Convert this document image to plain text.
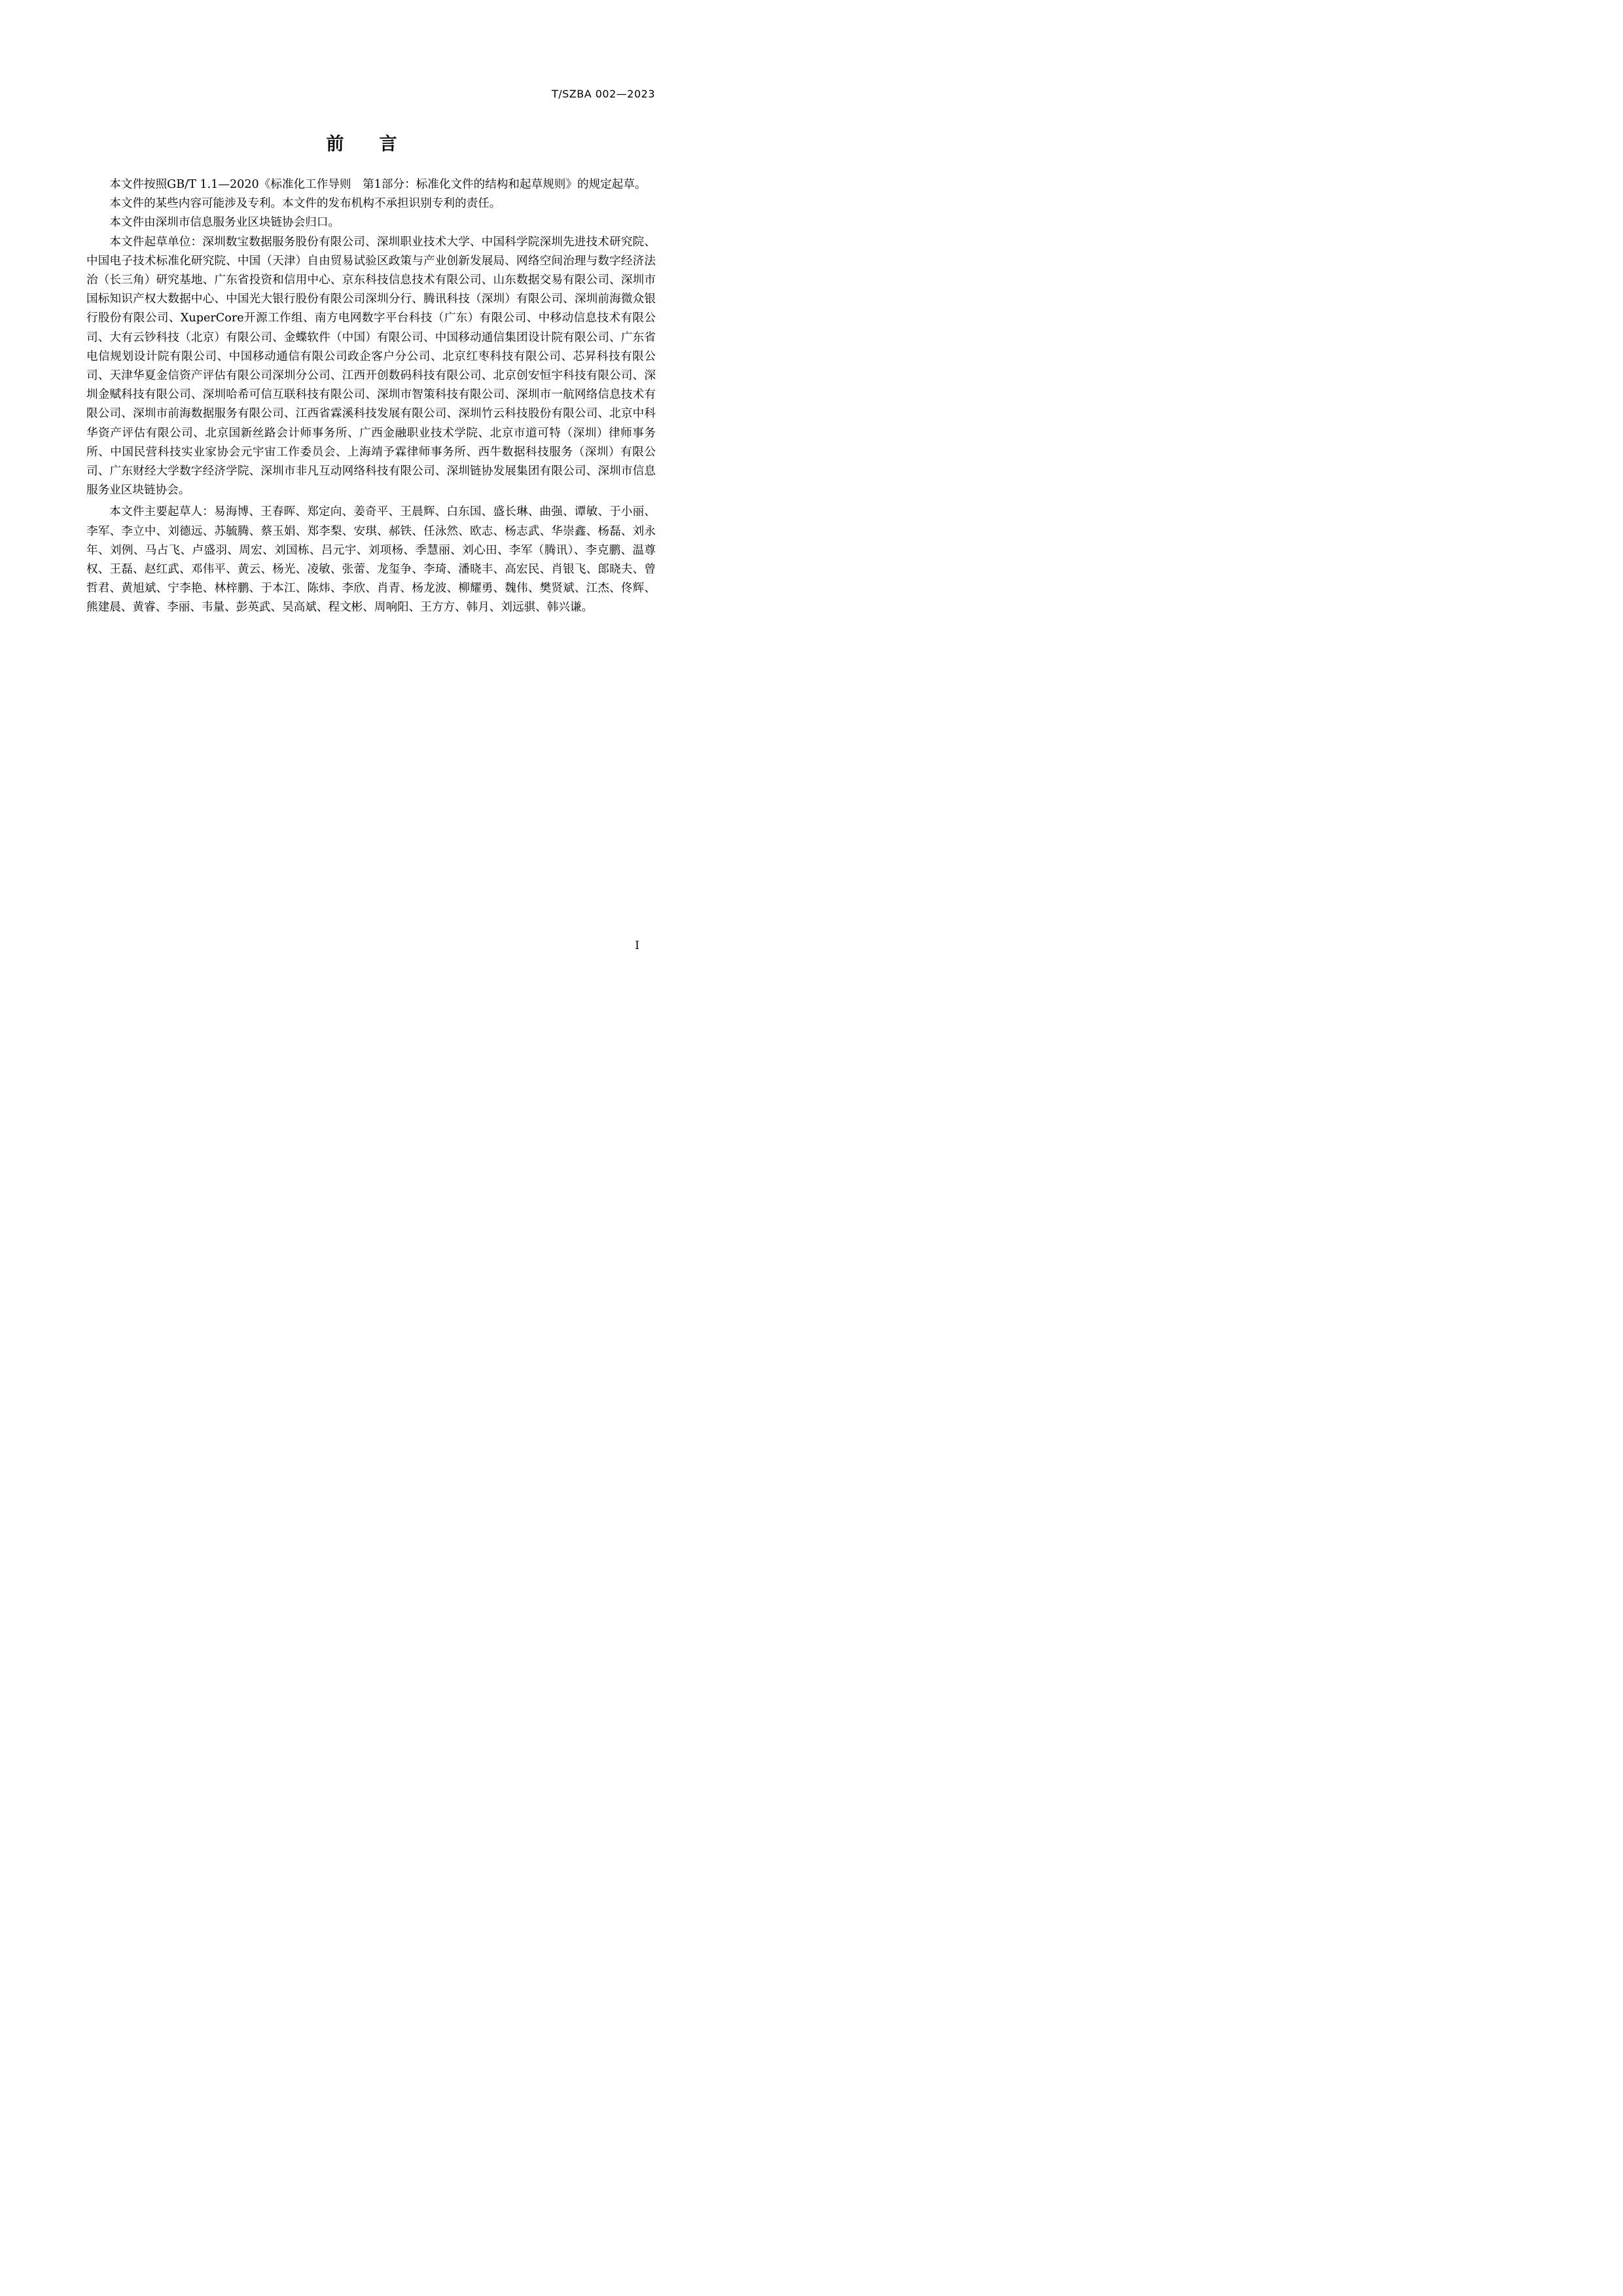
T/SZBA 002—2023
前言

本文件按照GB/T 1.1—2020《标准化工作导则　第1部分：标准化文件的结构和起草规则》的规定起草。

本文件的某些内容可能涉及专利。本文件的发布机构不承担识别专利的责任。

本文件由深圳市信息服务业区块链协会归口。

本文件起草单位：深圳数宝数据服务股份有限公司、深圳职业技术大学、中国科学院深圳先进技术研究院、中国电子技术标准化研究院、中国（天津）自由贸易试验区政策与产业创新发展局、网络空间治理与数字经济法治（长三角）研究基地、广东省投资和信用中心、京东科技信息技术有限公司、山东数据交易有限公司、深圳市国标知识产权大数据中心、中国光大银行股份有限公司深圳分行、腾讯科技（深圳）有限公司、深圳前海微众银行股份有限公司、XuperCore开源工作组、南方电网数字平台科技（广东）有限公司、中移动信息技术有限公司、大有云钞科技（北京）有限公司、金蝶软件（中国）有限公司、中国移动通信集团设计院有限公司、广东省电信规划设计院有限公司、中国移动通信有限公司政企客户分公司、北京红枣科技有限公司、芯昇科技有限公司、天津华夏金信资产评估有限公司深圳分公司、江西开创数码科技有限公司、北京创安恒宇科技有限公司、深圳金赋科技有限公司、深圳哈希可信互联科技有限公司、深圳市智策科技有限公司、深圳市一航网络信息技术有限公司、深圳市前海数据服务有限公司、江西省霖溪科技发展有限公司、深圳竹云科技股份有限公司、北京中科华资产评估有限公司、北京国新丝路会计师事务所、广西金融职业技术学院、北京市道可特（深圳）律师事务所、中国民营科技实业家协会元宇宙工作委员会、上海靖予霖律师事务所、西牛数据科技服务（深圳）有限公司、广东财经大学数字经济学院、深圳市非凡互动网络科技有限公司、深圳链协发展集团有限公司、深圳市信息服务业区块链协会。

本文件主要起草人：易海博、王春晖、郑定向、姜奇平、王晨辉、白东国、盛长琳、曲强、谭敏、于小丽、李军、李立中、刘德远、苏毓腾、蔡玉娟、郑李梨、安琪、郝铁、任泳然、欧志、杨志武、华崇鑫、杨磊、刘永年、刘例、马占飞、卢盛羽、周宏、刘国栋、吕元宇、刘项杨、季慧丽、刘心田、李军（腾讯）、李克鹏、温尊权、王磊、赵红武、邓伟平、黄云、杨光、凌敏、张蕾、龙玺争、李琦、潘晓丰、高宏民、肖银飞、郎晓夫、曾哲君、黄旭斌、宁李艳、林梓鹏、于本江、陈炜、李欣、肖青、杨龙波、柳耀勇、魏伟、樊贤斌、江杰、佟辉、熊建晨、黄睿、李丽、韦量、彭英武、吴高斌、程文彬、周响阳、王方方、韩月、刘远骐、韩兴谦。

I
